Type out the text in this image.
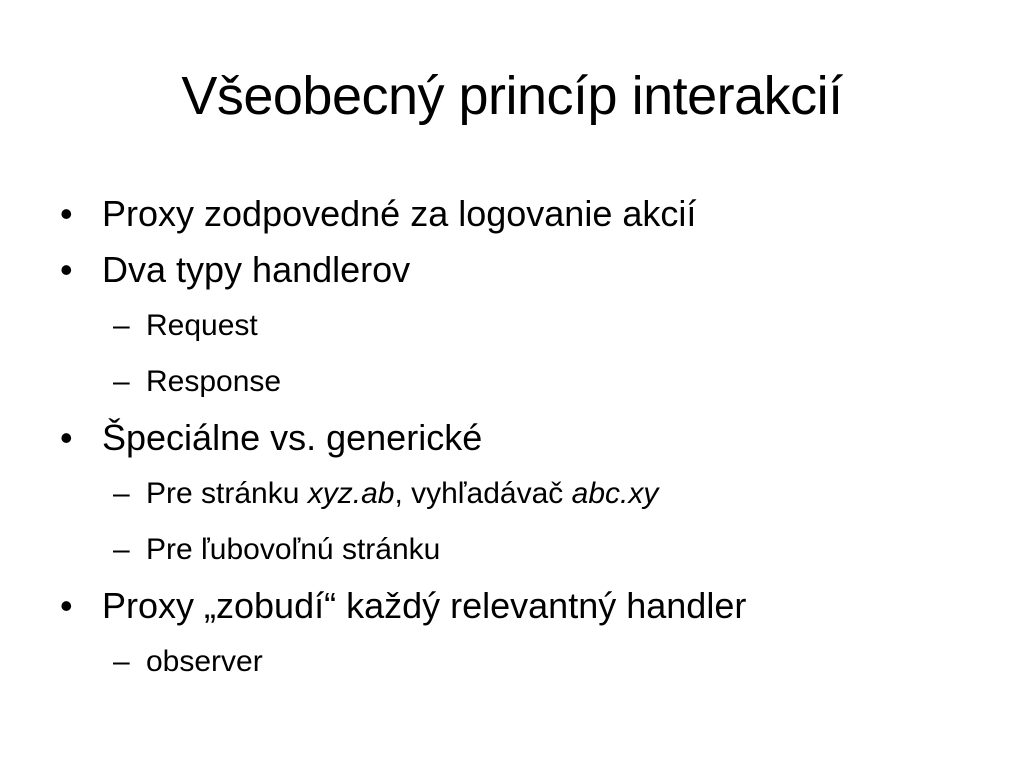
Všeobecný princíp interakcií
• Proxy zodpovedné za logovanie akcií
• Dva typy handlerov
– Request
– Response
• Špeciálne vs. generické
– Pre stránku xyz.ab, vyhľadávač abc.xy
– Pre ľubovoľnú stránku
• Proxy „zobudí“ každý relevantný handler
– observer
